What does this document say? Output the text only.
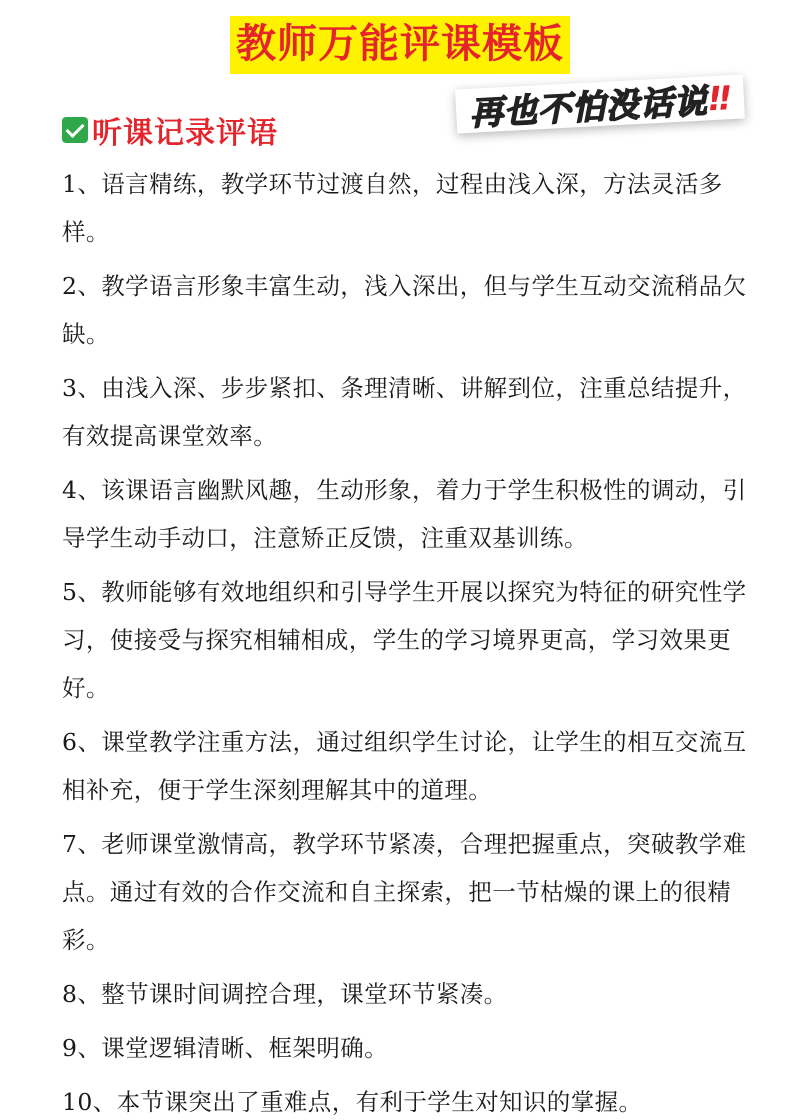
教师万能评课模板
再也不怕没话说 ‼
听课记录评语
1、语言精练，教学环节过渡自然，过程由浅入深，方法灵活多样。
2、教学语言形象丰富生动，浅入深出，但与学生互动交流稍品欠缺。
3、由浅入深、步步紧扣、条理清晰、讲解到位，注重总结提升，有效提高课堂效率。
4、该课语言幽默风趣，生动形象，着力于学生积极性的调动，引导学生动手动口，注意矫正反馈，注重双基训练。
5、教师能够有效地组织和引导学生开展以探究为特征的研究性学习，使接受与探究相辅相成，学生的学习境界更高，学习效果更好。
6、课堂教学注重方法，通过组织学生讨论，让学生的相互交流互相补充，便于学生深刻理解其中的道理。
7、老师课堂激情高，教学环节紧凑，合理把握重点，突破教学难点。通过有效的合作交流和自主探索，把一节枯燥的课上的很精彩。
8、整节课时间调控合理，课堂环节紧凑。
9、课堂逻辑清晰、框架明确。
10、本节课突出了重难点，有利于学生对知识的掌握。
